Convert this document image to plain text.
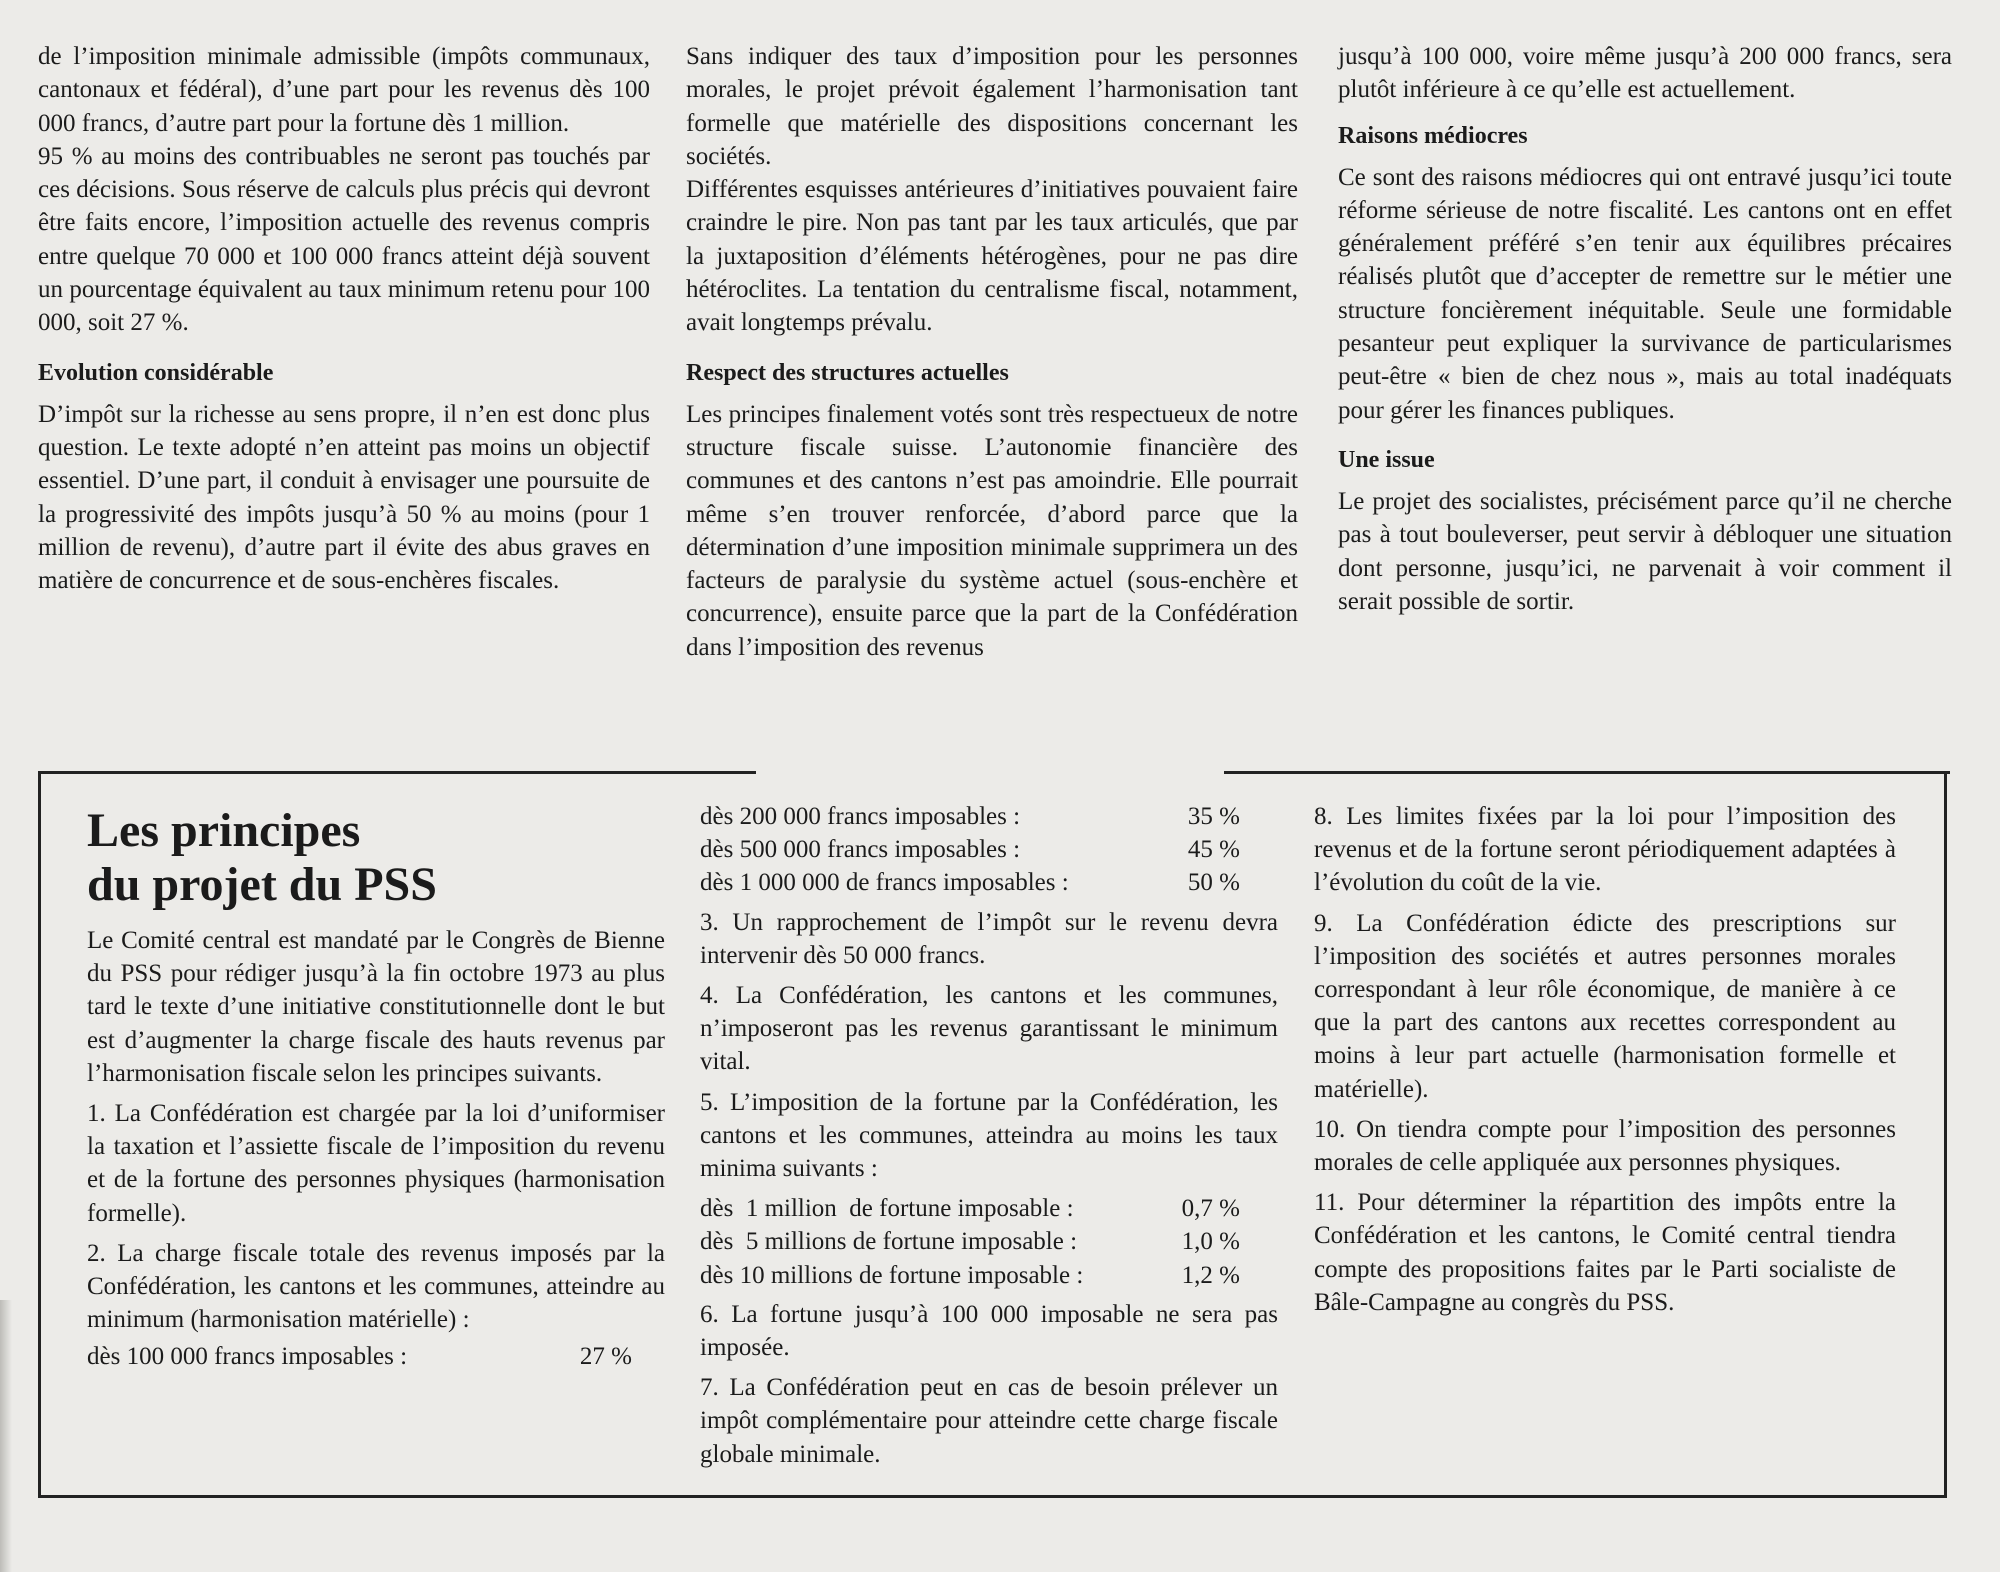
de l’imposition minimale admissible (impôts communaux, cantonaux et fédéral), d’une part pour les revenus dès 100 000 francs, d’autre part pour la fortune dès 1 million.

95 % au moins des contribuables ne seront pas touchés par ces décisions. Sous réserve de calculs plus précis qui devront être faits encore, l’imposition actuelle des revenus compris entre quelque 70 000 et 100 000 francs atteint déjà souvent un pourcentage équivalent au taux minimum retenu pour 100 000, soit 27 %.

Evolution considérable

D’impôt sur la richesse au sens propre, il n’en est donc plus question. Le texte adopté n’en atteint pas moins un objectif essentiel. D’une part, il conduit à envisager une poursuite de la progressivité des impôts jusqu’à 50 % au moins (pour 1 million de revenu), d’autre part il évite des abus graves en matière de concurrence et de sous-enchères fiscales.

Sans indiquer des taux d’imposition pour les personnes morales, le projet prévoit également l’harmonisation tant formelle que matérielle des dispositions concernant les sociétés.

Différentes esquisses antérieures d’initiatives pouvaient faire craindre le pire. Non pas tant par les taux articulés, que par la juxtaposition d’éléments hétérogènes, pour ne pas dire hétéroclites. La tentation du centralisme fiscal, notamment, avait longtemps prévalu.

Respect des structures actuelles

Les principes finalement votés sont très respectueux de notre structure fiscale suisse. L’autonomie financière des communes et des cantons n’est pas amoindrie. Elle pourrait même s’en trouver renforcée, d’abord parce que la détermination d’une imposition minimale supprimera un des facteurs de paralysie du système actuel (sous-enchère et concurrence), ensuite parce que la part de la Confédération dans l’imposition des revenus

jusqu’à 100 000, voire même jusqu’à 200 000 francs, sera plutôt inférieure à ce qu’elle est actuellement.

Raisons médiocres

Ce sont des raisons médiocres qui ont entravé jusqu’ici toute réforme sérieuse de notre fiscalité. Les cantons ont en effet généralement préféré s’en tenir aux équilibres précaires réalisés plutôt que d’accepter de remettre sur le métier une structure foncièrement inéquitable. Seule une formidable pesanteur peut expliquer la survivance de particularismes peut-être « bien de chez nous », mais au total inadéquats pour gérer les finances publiques.

Une issue

Le projet des socialistes, précisément parce qu’il ne cherche pas à tout bouleverser, peut servir à débloquer une situation dont personne, jusqu’ici, ne parvenait à voir comment il serait possible de sortir.

Les principes
du projet du PSS

Le Comité central est mandaté par le Congrès de Bienne du PSS pour rédiger jusqu’à la fin octobre 1973 au plus tard le texte d’une initiative constitutionnelle dont le but est d’augmenter la charge fiscale des hauts revenus par l’harmonisation fiscale selon les principes suivants.

1. La Confédération est chargée par la loi d’uniformiser la taxation et l’assiette fiscale de l’imposition du revenu et de la fortune des personnes physiques (harmonisation formelle).

2. La charge fiscale totale des revenus imposés par la Confédération, les cantons et les communes, atteindre au minimum (harmonisation matérielle) :

dès 100 000 francs imposables :	27 %
dès 200 000 francs imposables :	35 %
dès 500 000 francs imposables :	45 %
dès 1 000 000 de francs imposables :	50 %

3. Un rapprochement de l’impôt sur le revenu devra intervenir dès 50 000 francs.

4. La Confédération, les cantons et les communes, n’imposeront pas les revenus garantissant le minimum vital.

5. L’imposition de la fortune par la Confédération, les cantons et les communes, atteindra au moins les taux minima suivants :

dès  1 million  de fortune imposable :	0,7 %
dès  5 millions de fortune imposable :	1,0 %
dès 10 millions de fortune imposable :	1,2 %

6. La fortune jusqu’à 100 000 imposable ne sera pas imposée.

7. La Confédération peut en cas de besoin prélever un impôt complémentaire pour atteindre cette charge fiscale globale minimale.

8. Les limites fixées par la loi pour l’imposition des revenus et de la fortune seront périodiquement adaptées à l’évolution du coût de la vie.

9. La Confédération édicte des prescriptions sur l’imposition des sociétés et autres personnes morales correspondant à leur rôle économique, de manière à ce que la part des cantons aux recettes correspondent au moins à leur part actuelle (harmonisation formelle et matérielle).

10. On tiendra compte pour l’imposition des personnes morales de celle appliquée aux personnes physiques.

11. Pour déterminer la répartition des impôts entre la Confédération et les cantons, le Comité central tiendra compte des propositions faites par le Parti socialiste de Bâle-Campagne au congrès du PSS.
